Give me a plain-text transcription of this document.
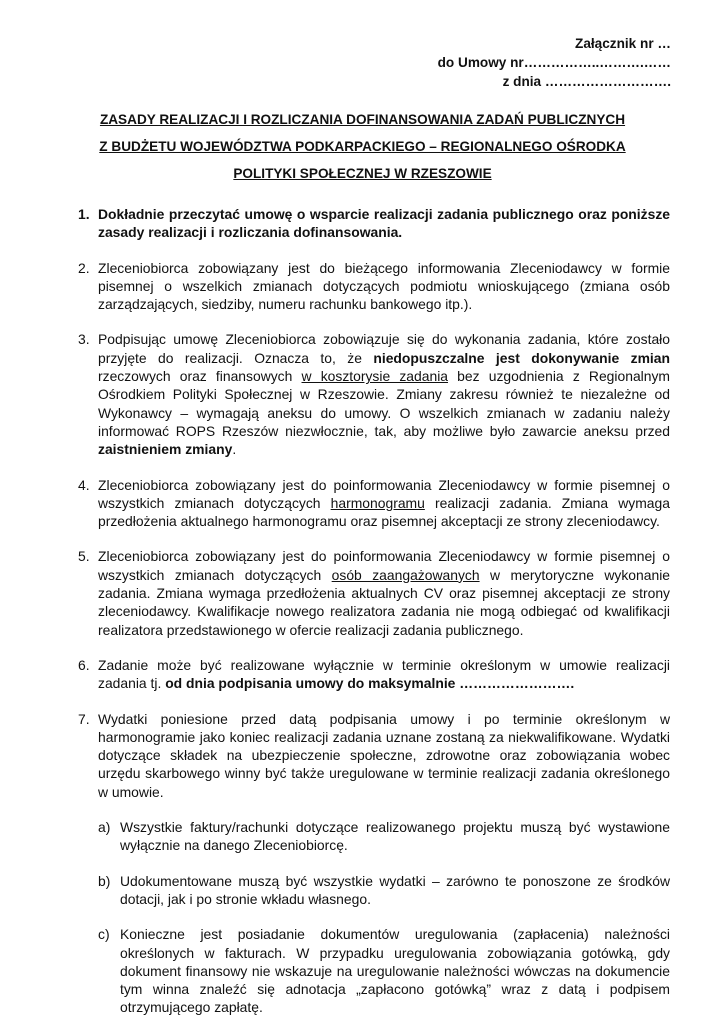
Załącznik nr …
do Umowy nr……………..……….……
z dnia ……………………….
ZASADY REALIZACJI I ROZLICZANIA DOFINANSOWANIA ZADAŃ PUBLICZNYCH
Z BUDŻETU WOJEWÓDZTWA PODKARPACKIEGO – REGIONALNEGO OŚRODKA
POLITYKI SPOŁECZNEJ W RZESZOWIE
1. Dokładnie przeczytać umowę o wsparcie realizacji zadania publicznego oraz poniższe zasady realizacji i rozliczania dofinansowania.
2. Zleceniobiorca zobowiązany jest do bieżącego informowania Zleceniodawcy w formie pisemnej o wszelkich zmianach dotyczących podmiotu wnioskującego (zmiana osób zarządzających, siedziby, numeru rachunku bankowego itp.).
3. Podpisując umowę Zleceniobiorca zobowiązuje się do wykonania zadania, które zostało przyjęte do realizacji. Oznacza to, że niedopuszczalne jest dokonywanie zmian rzeczowych oraz finansowych w kosztorysie zadania bez uzgodnienia z Regionalnym Ośrodkiem Polityki Społecznej w Rzeszowie. Zmiany zakresu również te niezależne od Wykonawcy – wymagają aneksu do umowy. O wszelkich zmianach w zadaniu należy informować ROPS Rzeszów niezwłocznie, tak, aby możliwe było zawarcie aneksu przed zaistnieniem zmiany.
4. Zleceniobiorca zobowiązany jest do poinformowania Zleceniodawcy w formie pisemnej o wszystkich zmianach dotyczących harmonogramu realizacji zadania. Zmiana wymaga przedłożenia aktualnego harmonogramu oraz pisemnej akceptacji ze strony zleceniodawcy.
5. Zleceniobiorca zobowiązany jest do poinformowania Zleceniodawcy w formie pisemnej o wszystkich zmianach dotyczących osób zaangażowanych w merytoryczne wykonanie zadania. Zmiana wymaga przedłożenia aktualnych CV oraz pisemnej akceptacji ze strony zleceniodawcy. Kwalifikacje nowego realizatora zadania nie mogą odbiegać od kwalifikacji realizatora przedstawionego w ofercie realizacji zadania publicznego.
6. Zadanie może być realizowane wyłącznie w terminie określonym w umowie realizacji zadania tj. od dnia podpisania umowy do maksymalnie …………………….
7. Wydatki poniesione przed datą podpisania umowy i po terminie określonym w harmonogramie jako koniec realizacji zadania uznane zostaną za niekwalifikowane. Wydatki dotyczące składek na ubezpieczenie społeczne, zdrowotne oraz zobowiązania wobec urzędu skarbowego winny być także uregulowane w terminie realizacji zadania określonego w umowie.
a) Wszystkie faktury/rachunki dotyczące realizowanego projektu muszą być wystawione wyłącznie na danego Zleceniobiorcę.
b) Udokumentowane muszą być wszystkie wydatki – zarówno te ponoszone ze środków dotacji, jak i po stronie wkładu własnego.
c) Konieczne jest posiadanie dokumentów uregulowania (zapłacenia) należności określonych w fakturach. W przypadku uregulowania zobowiązania gotówką, gdy dokument finansowy nie wskazuje na uregulowanie należności wówczas na dokumencie tym winna znaleźć się adnotacja „zapłacono gotówką” wraz z datą i podpisem otrzymującego zapłatę.
